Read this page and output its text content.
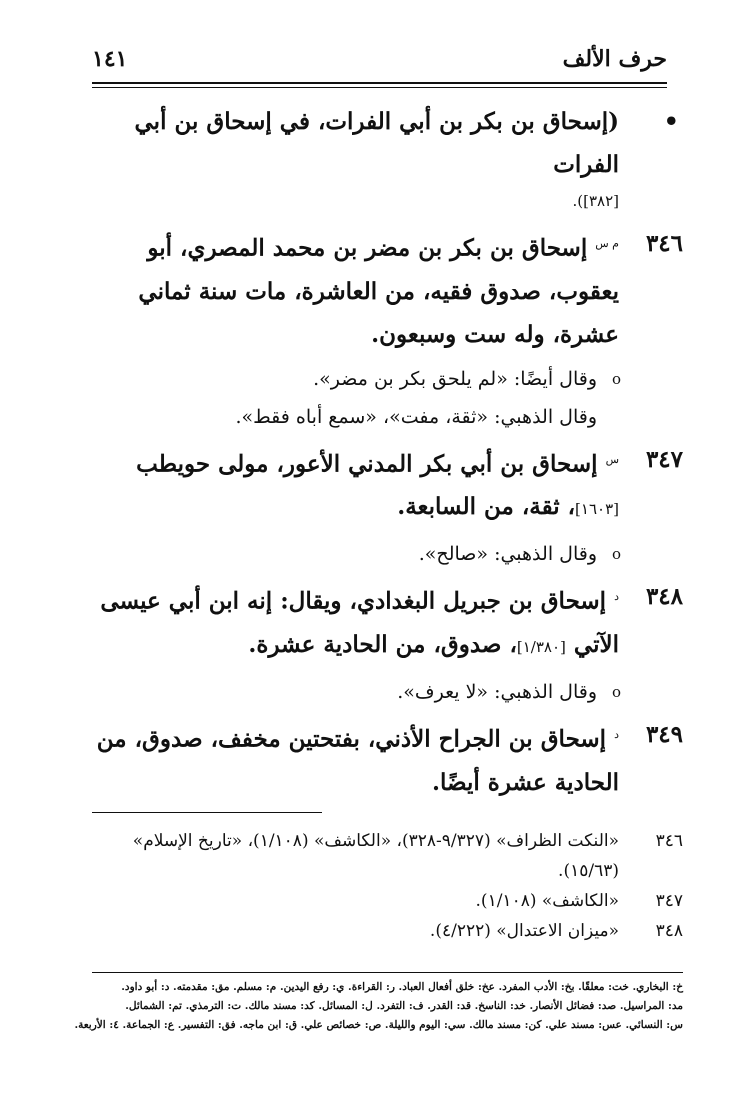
حرف الألف
١٤١
•
(إسحاق بن بكر بن أبي الفرات، في إسحاق بن أبي الفرات
[٣٨٢]).
٣٤٦
$^{م س}$ إسحاق بن بكر بن مضر بن محمد المصري، أبو يعقوب، صدوق فقيه، من العاشرة، مات سنة ثماني عشرة، وله ست وسبعون.
o
وقال أيضًا: «لم يلحق بكر بن مضر».
وقال الذهبي: «ثقة، مفت»، «سمع أباه فقط».
٣٤٧
$^س$ إسحاق بن أبي بكر المدني الأعور، مولى حويطب [١٦٠٣]، ثقة، من السابعة.
o
وقال الذهبي: «صالح».
٣٤٨
$^د$ إسحاق بن جبريل البغدادي، ويقال: إنه ابن أبي عيسى الآتي [١/٣٨٠]، صدوق، من الحادية عشرة.
o
وقال الذهبي: «لا يعرف».
٣٤٩
$^د$ إسحاق بن الجراح الأذني، بفتحتين مخفف، صدوق، من الحادية عشرة أيضًا.
٣٤٦
«النكت الظراف» (٩/٣٢٧-٣٢٨)، «الكاشف» (١/١٠٨)، «تاريخ الإسلام» (١٥/٦٣).
٣٤٧
«الكاشف» (١/١٠٨).
٣٤٨
«ميزان الاعتدال» (٤/٢٢٢).
خ: البخاري. خت: معلقًا. بخ: الأدب المفرد. عخ: خلق أفعال العباد. ر: القراءة. ي: رفع اليدين. م: مسلم. مق: مقدمته. د: أبو داود.
مد: المراسيل. صد: فضائل الأنصار. خد: الناسخ. قد: القدر. ف: التفرد. ل: المسائل. كد: مسند مالك. ت: الترمذي. تم: الشمائل.
س: النسائي. عس: مسند علي. كن: مسند مالك. سي: اليوم والليلة. ص: خصائص علي. ق: ابن ماجه. فق: التفسير. ع: الجماعة. ٤: الأربعة.
